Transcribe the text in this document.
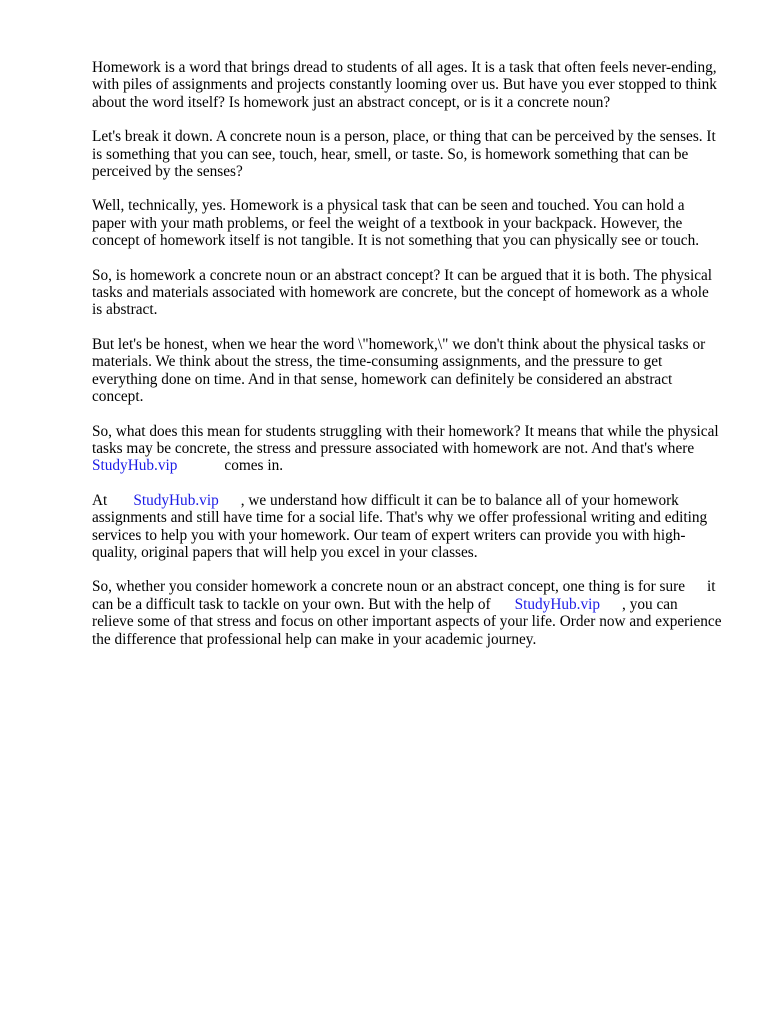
Homework is a word that brings dread to students of all ages. It is a task that often feels never-ending, with piles of assignments and projects constantly looming over us. But have you ever stopped to think about the word itself? Is homework just an abstract concept, or is it a concrete noun?

Let's break it down. A concrete noun is a person, place, or thing that can be perceived by the senses. It is something that you can see, touch, hear, smell, or taste. So, is homework something that can be perceived by the senses?

Well, technically, yes. Homework is a physical task that can be seen and touched. You can hold a paper with your math problems, or feel the weight of a textbook in your backpack. However, the concept of homework itself is not tangible. It is not something that you can physically see or touch.

So, is homework a concrete noun or an abstract concept? It can be argued that it is both. The physical tasks and materials associated with homework are concrete, but the concept of homework as a whole is abstract.

But let's be honest, when we hear the word \"homework,\" we don't think about the physical tasks or materials. We think about the stress, the time-consuming assignments, and the pressure to get everything done on time. And in that sense, homework can definitely be considered an abstract concept.

So, what does this mean for students struggling with their homework? It means that while the physical tasks may be concrete, the stress and pressure associated with homework are not. And that's whereStudyHub.vip	comes in.

At StudyHub.vip , we understand how difficult it can be to balance all of your homework assignments and still have time for a social life. That's why we offer professional writing and editing services to help you with your homework. Our team of expert writers can provide you with high-quality, original papers that will help you excel in your classes.

So, whether you consider homework a concrete noun or an abstract concept, one thing is for sure it can be a difficult task to tackle on your own. But with the help of StudyHub.vip , you can relieve some of that stress and focus on other important aspects of your life. Order now and experience the difference that professional help can make in your academic journey.
